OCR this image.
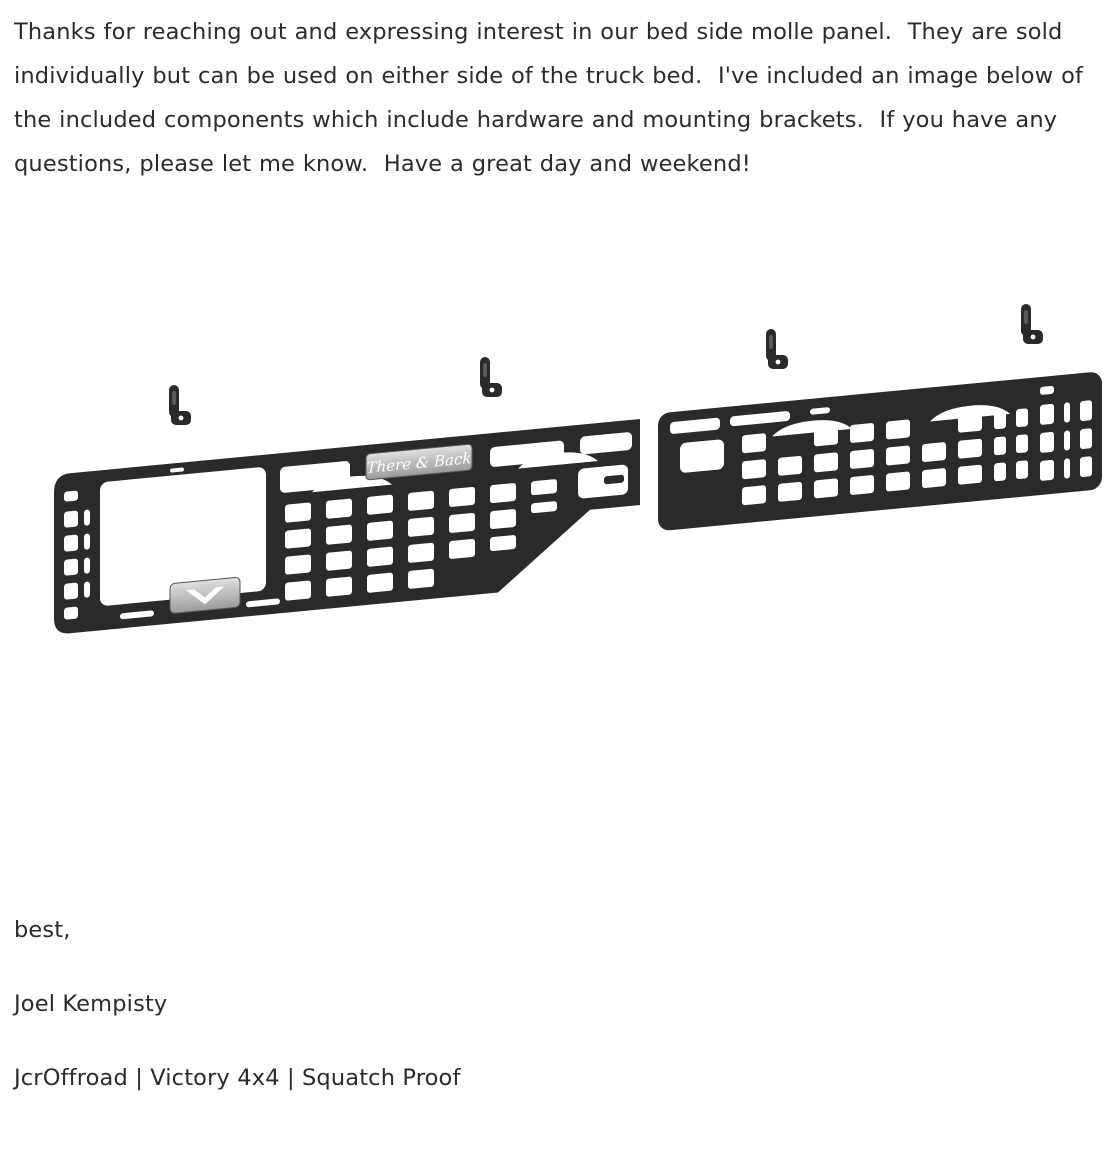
Thanks for reaching out and expressing interest in our bed side molle panel.  They are sold individually but can be used on either side of the truck bed.  I've included an image below of the included components which include hardware and mounting brackets.  If you have any questions, please let me know.  Have a great day and weekend!

There & Back

best,

Joel Kempisty

JcrOffroad | Victory 4x4 | Squatch Proof
